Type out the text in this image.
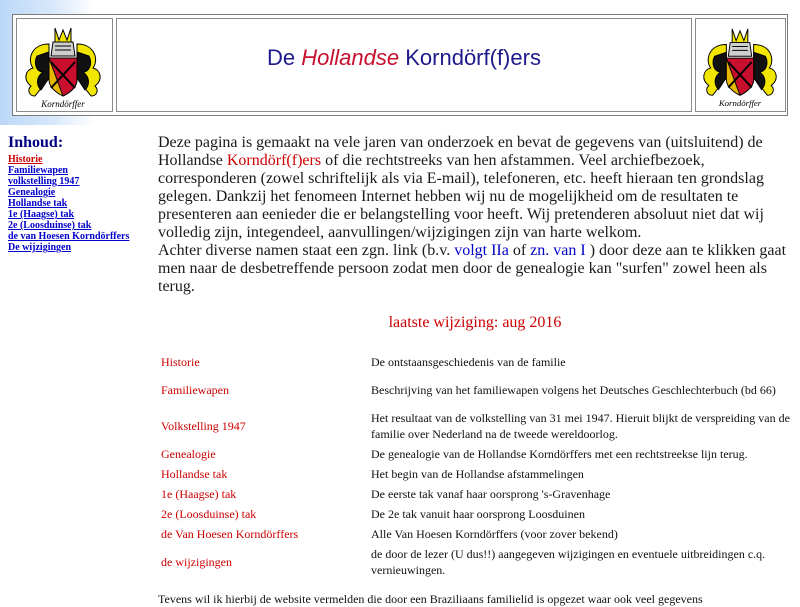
Korndörffer
De Hollandse Korndörf(f)ers
Korndörffer
Inhoud:
Historie
Familiewapen
volkstelling 1947
Genealogie
Hollandse tak
1e (Haagse) tak
2e (Loosduinse) tak
de van Hoesen Korndörffers
De wijzigingen

Deze pagina is gemaakt na vele jaren van onderzoek en bevat de gegevens van (uitsluitend) de Hollandse Korndörf(f)ers of die rechtstreeks van hen afstammen. Veel archiefbezoek, corresponderen (zowel schriftelijk als via E-mail), telefoneren, etc. heeft hieraan ten grondslag gelegen. Dankzij het fenomeen Internet hebben wij nu de mogelijkheid om de resultaten te presenteren aan eenieder die er belangstelling voor heeft. Wij pretenderen absoluut niet dat wij volledig zijn, integendeel, aanvullingen/wijzigingen zijn van harte welkom.
Achter diverse namen staat een zgn. link (b.v. volgt IIa of zn. van I ) door deze aan te klikken gaat men naar de desbetreffende persoon zodat men door de genealogie kan "surfen" zowel heen als terug.

laatste wijziging: aug 2016
Historie	De ontstaansgeschiedenis van de familie
Familiewapen	Beschrijving van het familiewapen volgens het Deutsches Geschlechterbuch (bd 66)
Volkstelling 1947	Het resultaat van de volkstelling van 31 mei 1947. Hieruit blijkt de verspreiding van de familie over Nederland na de tweede wereldoorlog.
Genealogie	De genealogie van de Hollandse Korndörffers met een rechtstreekse lijn terug.
Hollandse tak	Het begin van de Hollandse afstammelingen
1e (Haagse) tak	De eerste tak vanaf haar oorsprong 's-Gravenhage
2e (Loosduinse) tak	De 2e tak vanuit haar oorsprong Loosduinen
de Van Hoesen Korndörffers	Alle Van Hoesen Korndörffers (voor zover bekend)
de wijzigingen	de door de lezer (U dus!!) aangegeven wijzigingen en eventuele uitbreidingen c.q. vernieuwingen.
Tevens wil ik hierbij de website vermelden die door een Braziliaans familielid is opgezet waar ook veel gegevens
